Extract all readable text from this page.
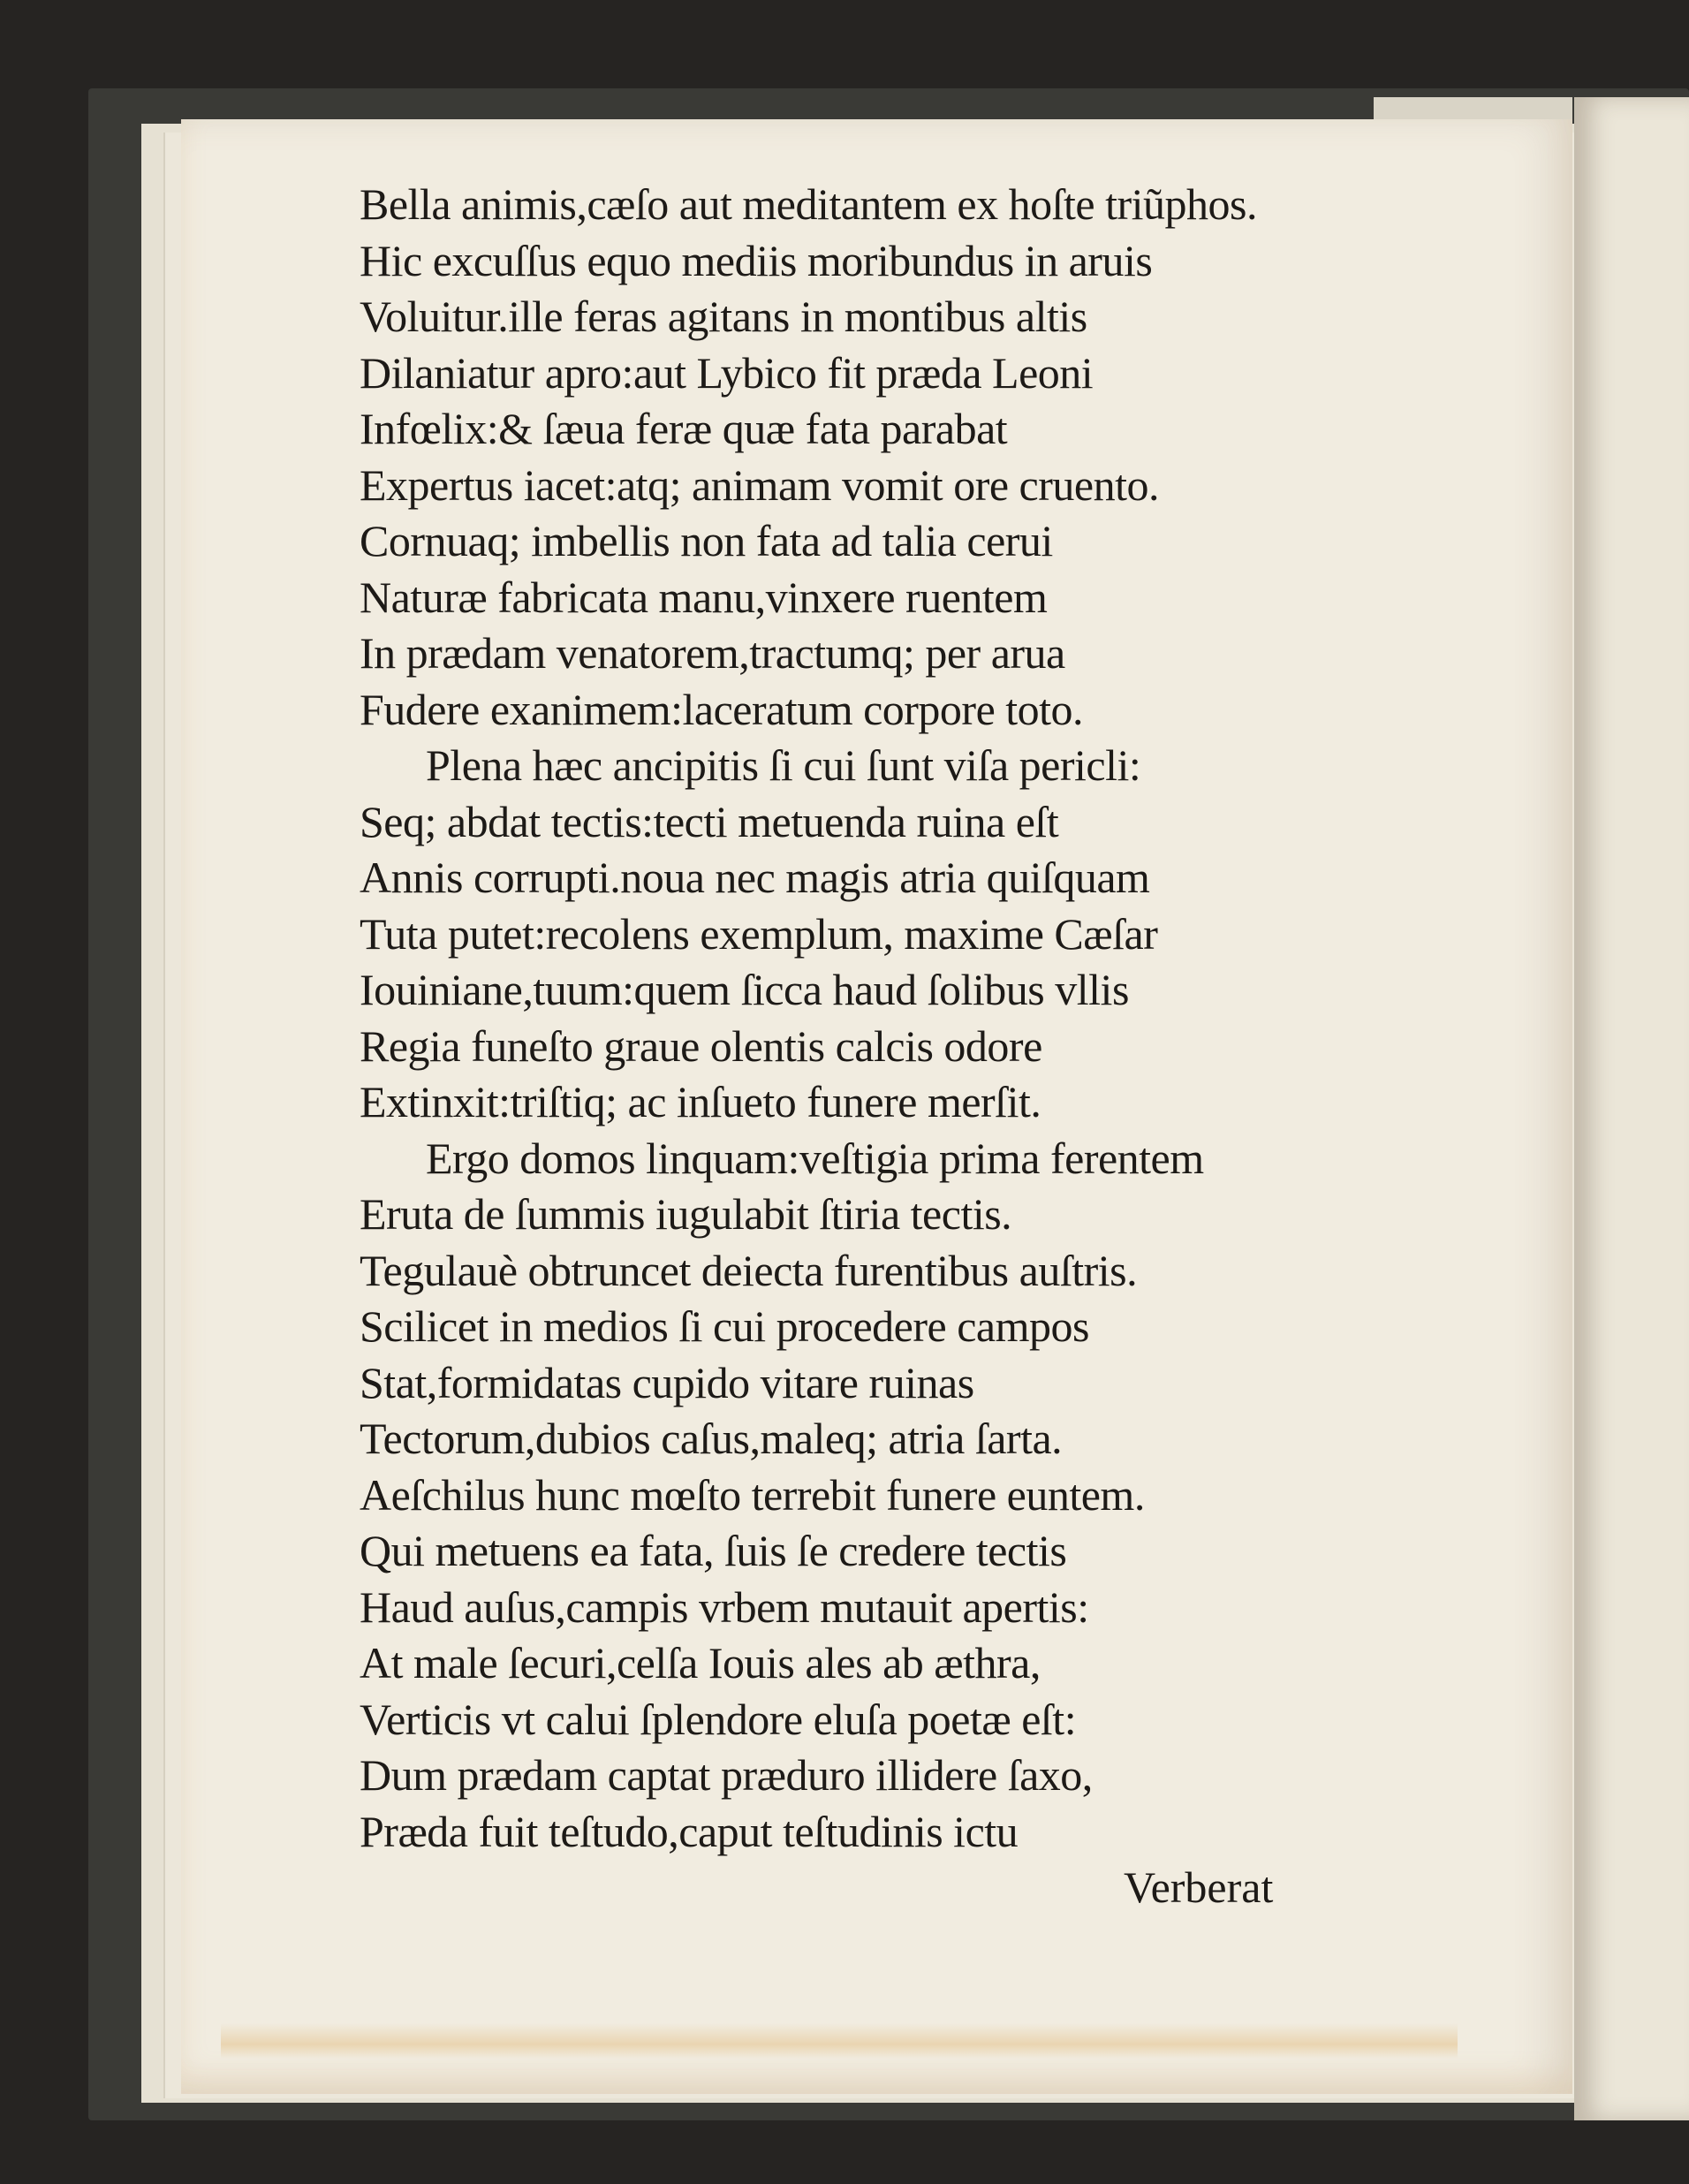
Bella animis,cæſo aut meditantem ex hoſte triũphos.
Hic excuſſus equo mediis moribundus in aruis
Voluitur.ille feras agitans in montibus altis
Dilaniatur apro:aut Lybico fit præda Leoni
Infœlix:& ſæua feræ quæ fata parabat
Expertus iacet:atq; animam vomit ore cruento.
Cornuaq; imbellis non fata ad talia cerui
Naturæ fabricata manu,vinxere ruentem
In prædam venatorem,tractumq; per arua
Fudere exanimem:laceratum corpore toto.
Plena hæc ancipitis ſi cui ſunt viſa pericli:
Seq; abdat tectis:tecti metuenda ruina eſt
Annis corrupti.noua nec magis atria quiſquam
Tuta putet:recolens exemplum, maxime Cæſar
Iouiniane,tuum:quem ſicca haud ſolibus vllis
Regia funeſto graue olentis calcis odore
Extinxit:triſtiq; ac inſueto funere merſit.
Ergo domos linquam:veſtigia prima ferentem
Eruta de ſummis iugulabit ſtiria tectis.
Tegulauè obtruncet deiecta furentibus auſtris.
Scilicet in medios ſi cui procedere campos
Stat,formidatas cupido vitare ruinas
Tectorum,dubios caſus,maleq; atria ſarta.
Aeſchilus hunc mœſto terrebit funere euntem.
Qui metuens ea fata, ſuis ſe credere tectis
Haud auſus,campis vrbem mutauit apertis:
At male ſecuri,celſa Iouis ales ab æthra,
Verticis vt calui ſplendore eluſa poetæ eſt:
Dum prædam captat præduro illidere ſaxo,
Præda fuit teſtudo,caput teſtudinis ictu
Verberat
